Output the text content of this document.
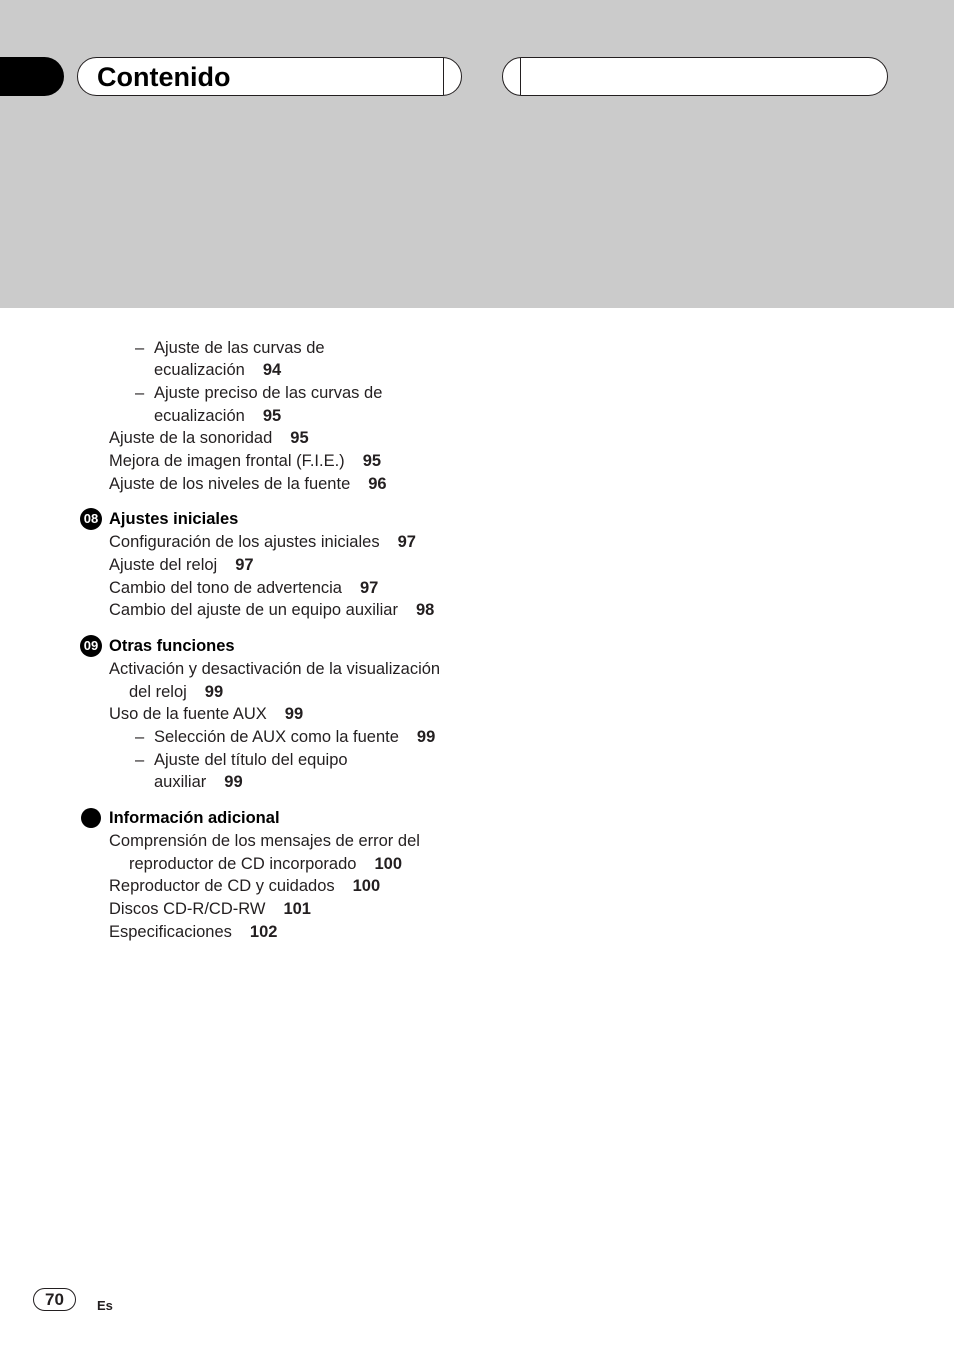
Contenido
– Ajuste de las curvas de
ecualización 94
– Ajuste preciso de las curvas de
ecualización 95
Ajuste de la sonoridad 95
Mejora de imagen frontal (F.I.E.) 95
Ajuste de los niveles de la fuente 96
08 Ajustes iniciales
Configuración de los ajustes iniciales 97
Ajuste del reloj 97
Cambio del tono de advertencia 97
Cambio del ajuste de un equipo auxiliar 98
09 Otras funciones
Activación y desactivación de la visualización
del reloj 99
Uso de la fuente AUX 99
– Selección de AUX como la fuente 99
– Ajuste del título del equipo
auxiliar 99
Información adicional
Comprensión de los mensajes de error del
reproductor de CD incorporado 100
Reproductor de CD y cuidados 100
Discos CD-R/CD-RW 101
Especificaciones 102
70	Es
